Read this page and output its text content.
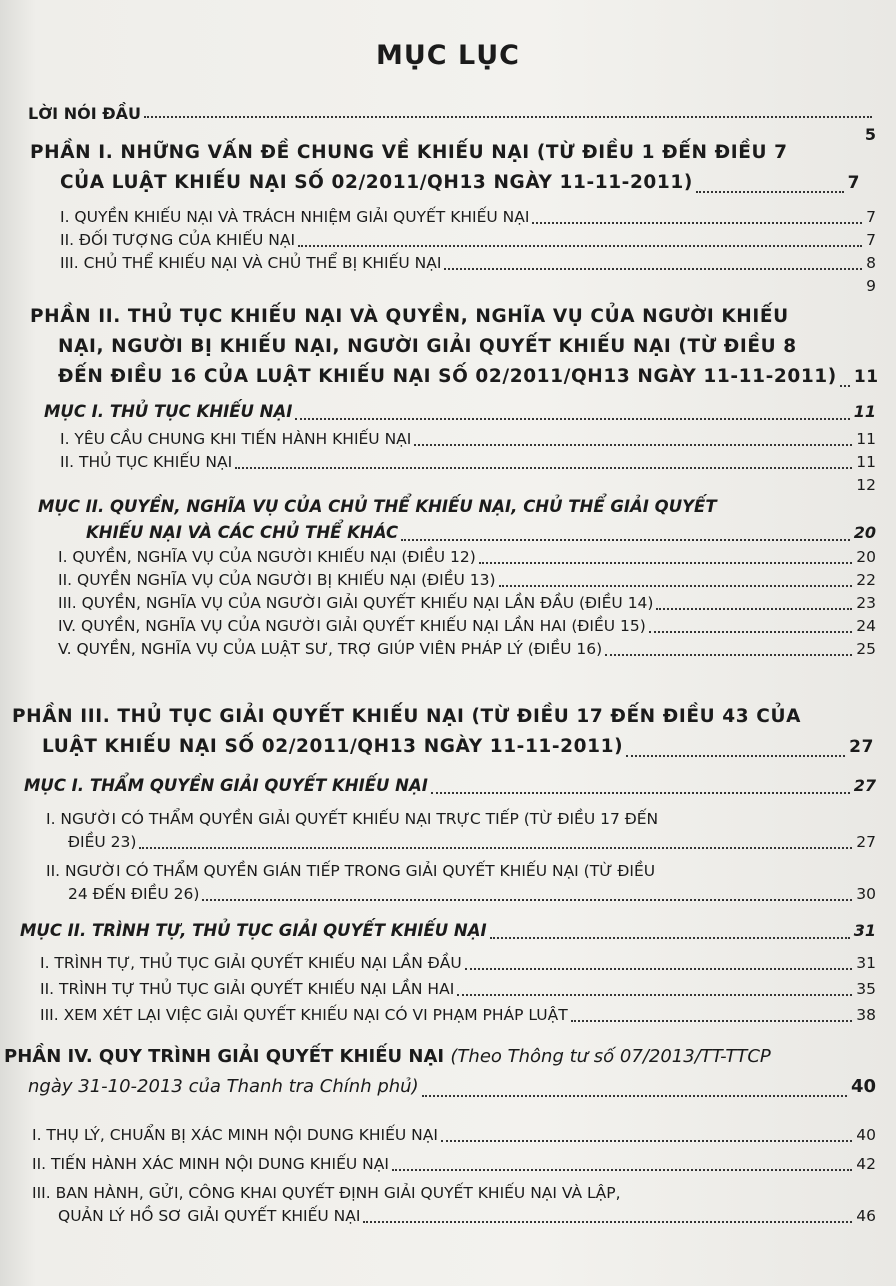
MỤC LỤC
LỜI NÓI ĐẦU
5
PHẦN I. NHỮNG VẤN ĐỀ CHUNG VỀ KHIẾU NẠI (TỪ ĐIỀU 1 ĐẾN ĐIỀU 7
CỦA LUẬT KHIẾU NẠI SỐ 02/2011/QH13 NGÀY 11-11-2011)	7
I. QUYỀN KHIẾU NẠI VÀ TRÁCH NHIỆM GIẢI QUYẾT KHIẾU NẠI	7
II. ĐỐI TƯỢNG CỦA KHIẾU NẠI	7
III. CHỦ THỂ KHIẾU NẠI VÀ CHỦ THỂ BỊ KHIẾU NẠI	8
9
PHẦN II. THỦ TỤC KHIẾU NẠI VÀ QUYỀN, NGHĨA VỤ CỦA NGƯỜI KHIẾU
NẠI, NGƯỜI BỊ KHIẾU NẠI, NGƯỜI GIẢI QUYẾT KHIẾU NẠI (TỪ ĐIỀU 8
ĐẾN ĐIỀU 16 CỦA LUẬT KHIẾU NẠI SỐ 02/2011/QH13 NGÀY 11-11-2011) 11
MỤC I. THỦ TỤC KHIẾU NẠI	11
I. YÊU CẦU CHUNG KHI TIẾN HÀNH KHIẾU NẠI	11
II. THỦ TỤC KHIẾU NẠI	11
12
MỤC II. QUYỀN, NGHĨA VỤ CỦA CHỦ THỂ KHIẾU NẠI, CHỦ THỂ GIẢI QUYẾT
KHIẾU NẠI VÀ CÁC CHỦ THỂ KHÁC	20
I. QUYỀN, NGHĨA VỤ CỦA NGƯỜI KHIẾU NẠI (ĐIỀU 12)	20
II. QUYỀN NGHĨA VỤ CỦA NGƯỜI BỊ KHIẾU NẠI (ĐIỀU 13)	22
III. QUYỀN, NGHĨA VỤ CỦA NGƯỜI GIẢI QUYẾT KHIẾU NẠI LẦN ĐẦU (ĐIỀU 14)	23
IV. QUYỀN, NGHĨA VỤ CỦA NGƯỜI GIẢI QUYẾT KHIẾU NẠI LẦN HAI (ĐIỀU 15)	24
V. QUYỀN, NGHĨA VỤ CỦA LUẬT SƯ, TRỢ GIÚP VIÊN PHÁP LÝ (ĐIỀU 16)	25
PHẦN III. THỦ TỤC GIẢI QUYẾT KHIẾU NẠI (TỪ ĐIỀU 17 ĐẾN ĐIỀU 43 CỦA
LUẬT KHIẾU NẠI SỐ 02/2011/QH13 NGÀY 11-11-2011)	27
MỤC I. THẨM QUYỀN GIẢI QUYẾT KHIẾU NẠI	27
I. NGƯỜI CÓ THẨM QUYỀN GIẢI QUYẾT KHIẾU NẠI TRỰC TIẾP (TỪ ĐIỀU 17 ĐẾN
ĐIỀU 23)	27
II. NGƯỜI CÓ THẨM QUYỀN GIÁN TIẾP TRONG GIẢI QUYẾT KHIẾU NẠI (TỪ ĐIỀU
24 ĐẾN ĐIỀU 26)	30
MỤC II. TRÌNH TỰ, THỦ TỤC GIẢI QUYẾT KHIẾU NẠI	31
I. TRÌNH TỰ, THỦ TỤC GIẢI QUYẾT KHIẾU NẠI LẦN ĐẦU	31
II. TRÌNH TỰ THỦ TỤC GIẢI QUYẾT KHIẾU NẠI LẦN HAI	35
III. XEM XÉT LẠI VIỆC GIẢI QUYẾT KHIẾU NẠI CÓ VI PHẠM PHÁP LUẬT	38
PHẦN IV. QUY TRÌNH GIẢI QUYẾT KHIẾU NẠI (Theo Thông tư số 07/2013/TT-TTCP
ngày 31-10-2013 của Thanh tra Chính phủ)	40
I. THỤ LÝ, CHUẨN BỊ XÁC MINH NỘI DUNG KHIẾU NẠI	40
II. TIẾN HÀNH XÁC MINH NỘI DUNG KHIẾU NẠI	42
III. BAN HÀNH, GỬI, CÔNG KHAI QUYẾT ĐỊNH GIẢI QUYẾT KHIẾU NẠI VÀ LẬP,
QUẢN LÝ HỒ SƠ GIẢI QUYẾT KHIẾU NẠI	46
